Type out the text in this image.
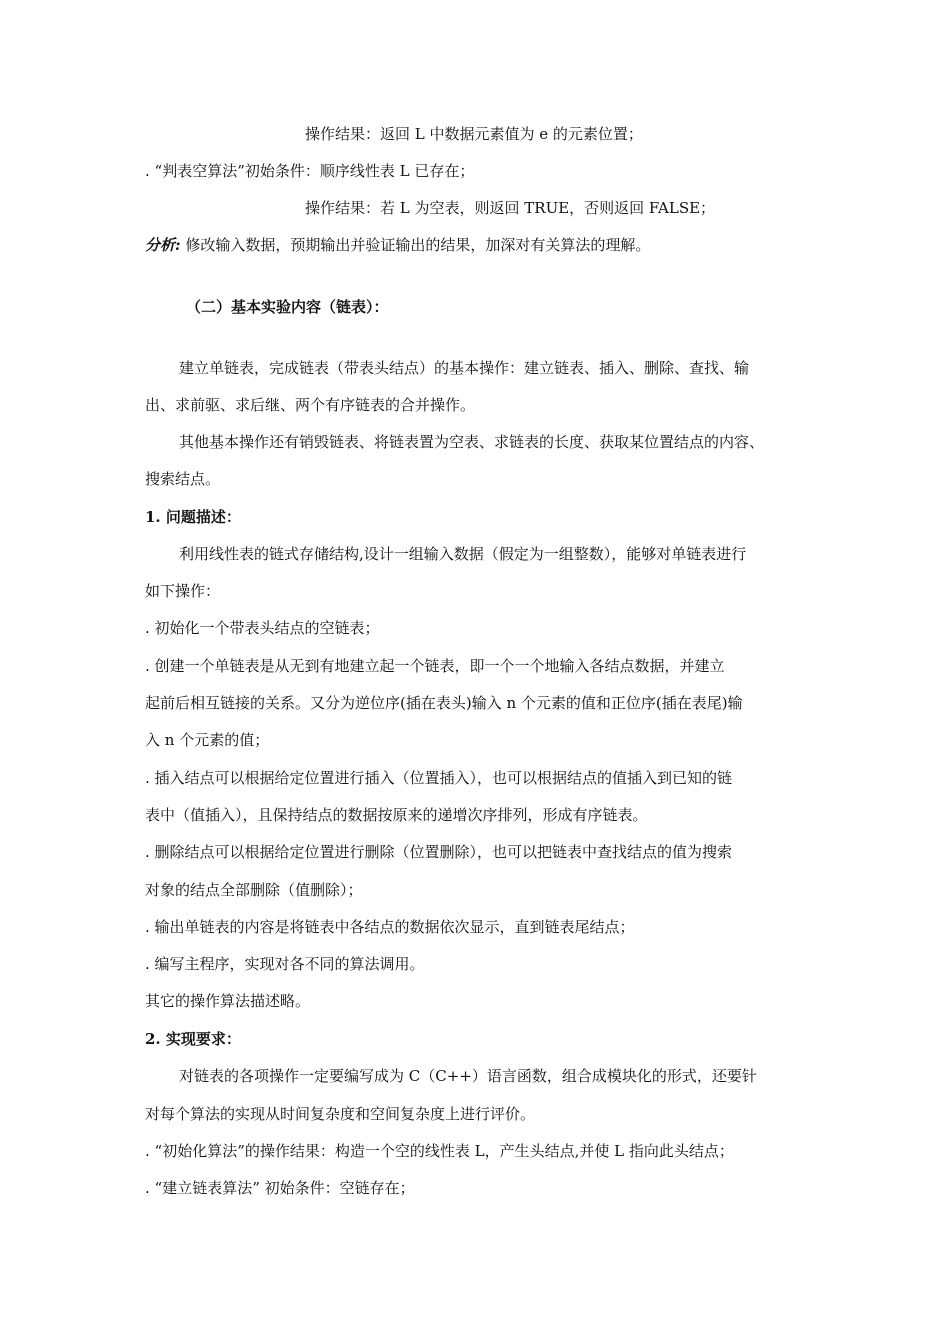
操作结果：返回 L 中数据元素值为 e 的元素位置；
. “判表空算法”初始条件：顺序线性表 L 已存在；
操作结果：若 L 为空表，则返回 TRUE，否则返回 FALSE；
分析: 修改输入数据，预期输出并验证输出的结果，加深对有关算法的理解。
（二）基本实验内容（链表）：
建立单链表，完成链表（带表头结点）的基本操作：建立链表、插入、删除、查找、输
出、求前驱、求后继、两个有序链表的合并操作。
其他基本操作还有销毁链表、将链表置为空表、求链表的长度、获取某位置结点的内容、
搜索结点。
1. 问题描述：
利用线性表的链式存储结构,设计一组输入数据（假定为一组整数），能够对单链表进行
如下操作：
. 初始化一个带表头结点的空链表；
. 创建一个单链表是从无到有地建立起一个链表，即一个一个地输入各结点数据，并建立
起前后相互链接的关系。又分为逆位序(插在表头)输入 n 个元素的值和正位序(插在表尾)输
入 n 个元素的值；
. 插入结点可以根据给定位置进行插入（位置插入），也可以根据结点的值插入到已知的链
表中（值插入），且保持结点的数据按原来的递增次序排列，形成有序链表。
. 删除结点可以根据给定位置进行删除（位置删除），也可以把链表中查找结点的值为搜索
对象的结点全部删除（值删除）；
. 输出单链表的内容是将链表中各结点的数据依次显示，直到链表尾结点；
. 编写主程序，实现对各不同的算法调用。
其它的操作算法描述略。
2. 实现要求：
对链表的各项操作一定要编写成为 C（C++）语言函数，组合成模块化的形式，还要针
对每个算法的实现从时间复杂度和空间复杂度上进行评价。
. “初始化算法”的操作结果：构造一个空的线性表 L，产生头结点,并使 L 指向此头结点；
. “建立链表算法” 初始条件：空链存在；
